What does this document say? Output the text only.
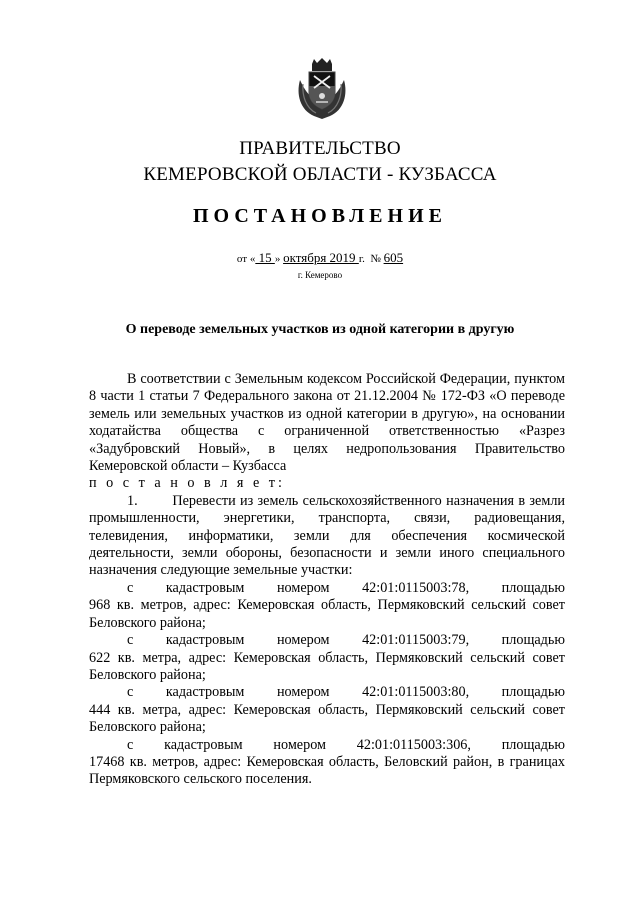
ПРАВИТЕЛЬСТВО
КЕМЕРОВСКОЙ ОБЛАСТИ - КУЗБАССА
ПОСТАНОВЛЕНИЕ
от « 15 » октября 2019 г. № 605
г. Кемерово
О переводе земельных участков из одной категории в другую

В соответствии с Земельным кодексом Российской Федерации, пунктом 8 части 1 статьи 7 Федерального закона от 21.12.2004 № 172-ФЗ «О переводе земель или земельных участков из одной категории в другую», на основании ходатайства общества с ограниченной ответственностью «Разрез «Задубровский Новый», в целях недропользования Правительство Кемеровской области – Кузбасса

п о с т а н о в л я е т:

1.        Перевести из земель сельскохозяйственного назначения в земли промышленности, энергетики, транспорта, связи, радиовещания, телевидения, информатики, земли для обеспечения космической деятельности, земли обороны, безопасности и земли иного специального назначения следующие земельные участки:

с кадастровым номером 42:01:0115003:78, площадью

968 кв. метров, адрес: Кемеровская область, Пермяковский сельский совет Беловского района;

с кадастровым номером 42:01:0115003:79, площадью

622 кв. метра, адрес: Кемеровская область, Пермяковский сельский совет Беловского района;

с кадастровым номером 42:01:0115003:80, площадью

444 кв. метра, адрес: Кемеровская область, Пермяковский сельский совет Беловского района;

с кадастровым номером 42:01:0115003:306, площадью

17468 кв. метров, адрес: Кемеровская область, Беловский район, в границах Пермяковского сельского поселения.
